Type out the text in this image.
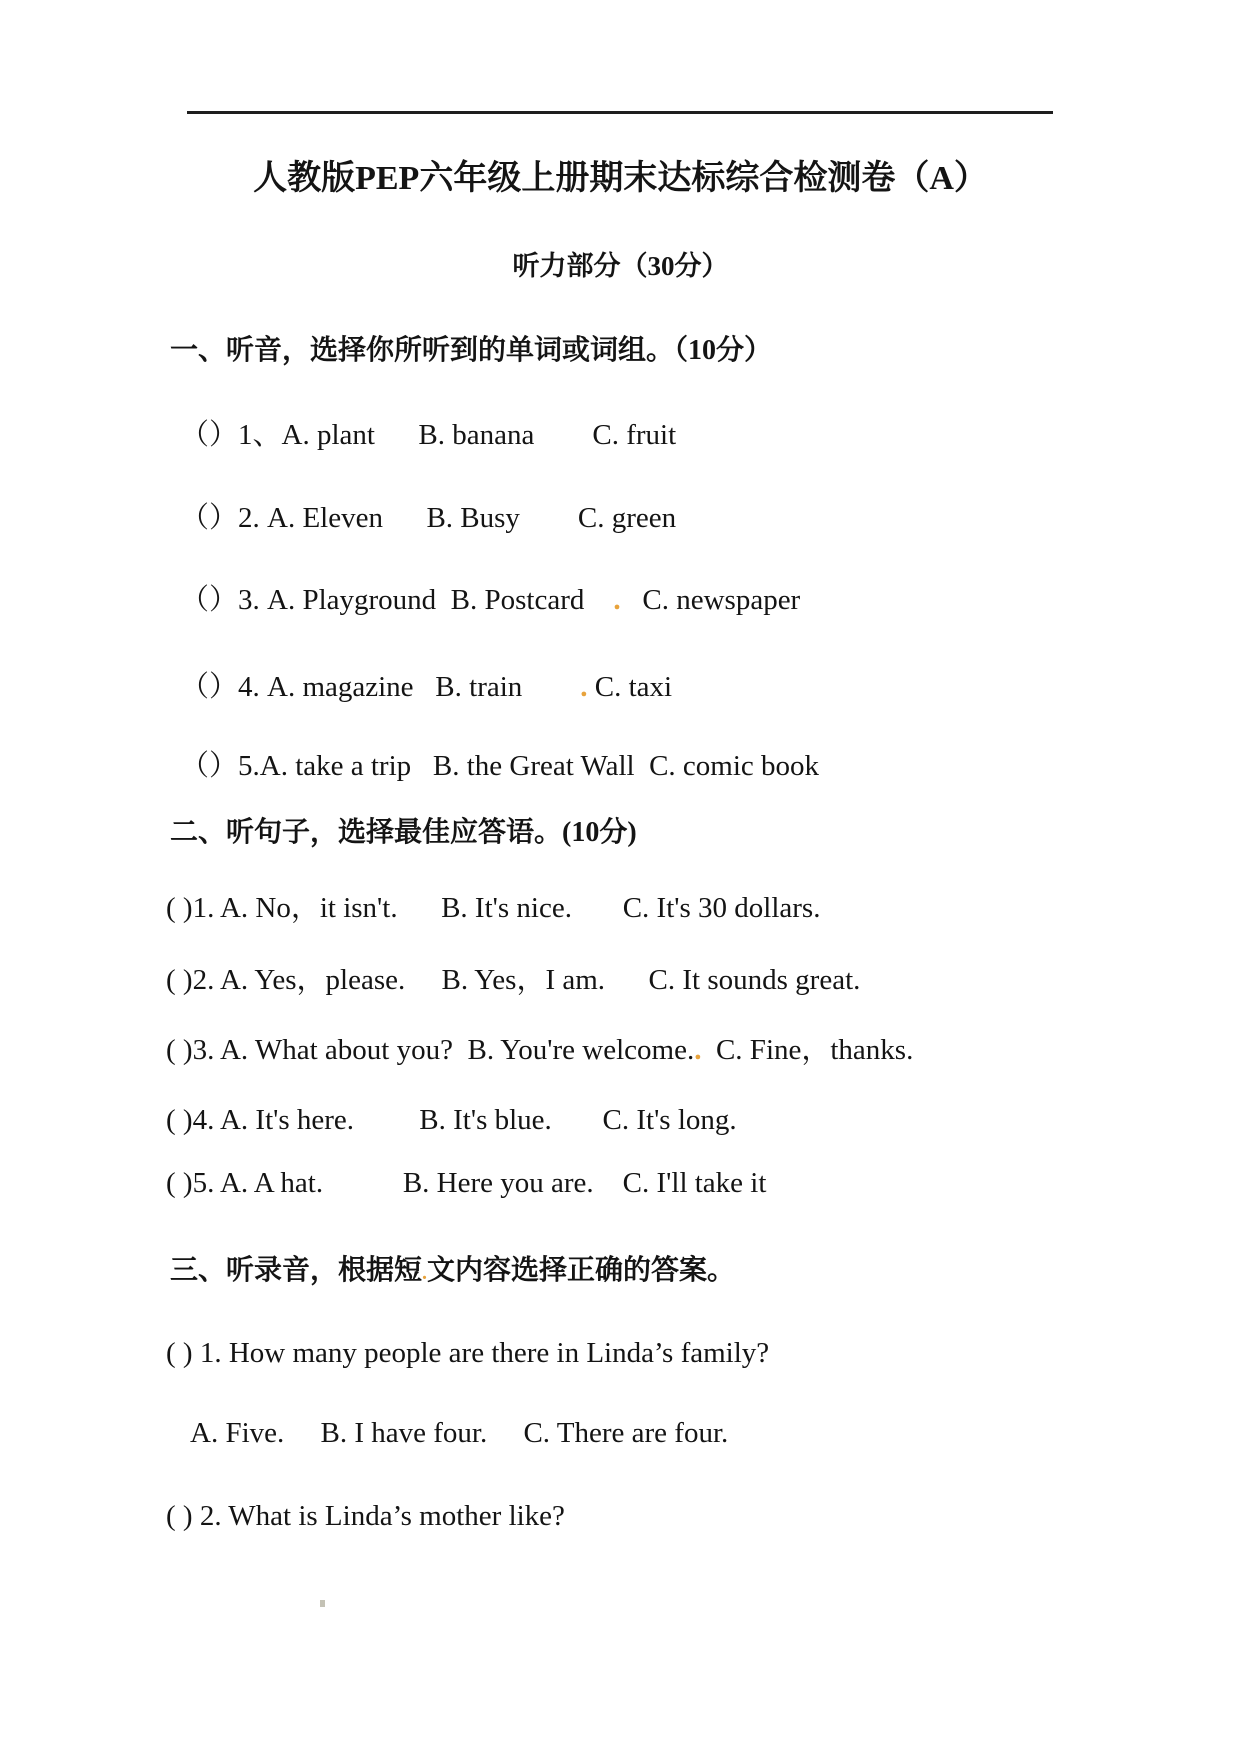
人教版PEP六年级上册期末达标综合检测卷（A）
听力部分（30分）
一、听音，选择你所听到的单词或词组。（10分）
（）1、A. plant      B. banana        C. fruit
（）2. A. Eleven      B. Busy        C. green
（）3. A. Playground  B. Postcard    .   C. newspaper
（）4. A. magazine   B. train        . C. taxi
（）5.A. take a trip   B. the Great Wall  C. comic book
二、听句子，选择最佳应答语。(10分)
( )1. A. No，it isn't.      B. It's nice.       C. It's 30 dollars.
( )2. A. Yes，please.     B. Yes，I am.      C. It sounds great.
( )3. A. What about you?  B. You're welcome..  C. Fine，thanks.
( )4. A. It's here.         B. It's blue.       C. It's long.
( )5. A. A hat.           B. Here you are.    C. I'll take it
三、听录音，根据短.文内容选择正确的答案。
( ) 1. How many people are there in Linda’s family?
A. Five.     B. I have four.     C. There are four.
( ) 2. What is Linda’s mother like?
